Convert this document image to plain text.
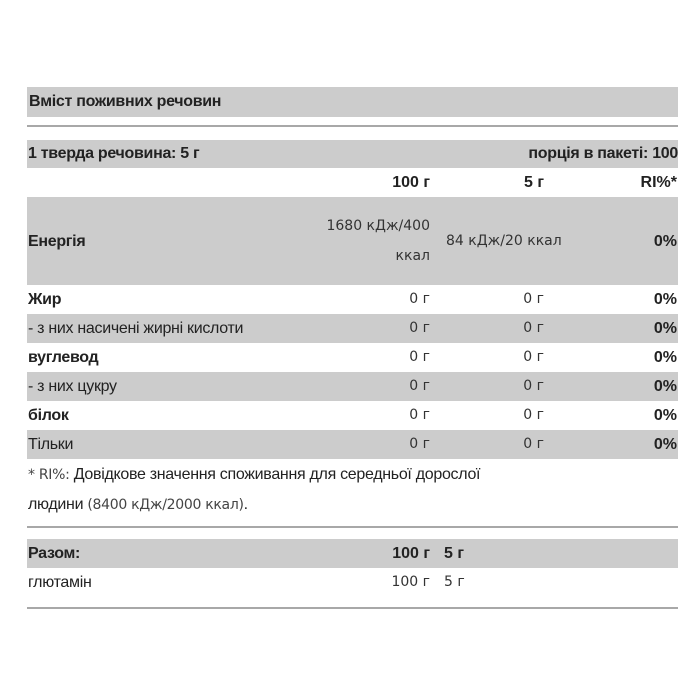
Вміст поживних речовин
1 тверда речовина: 5 г	порція в пакеті: 100
	100 г	5 г	RI%*
Енергія	1680 кДж/400 ккал	84 кДж/20 ккал	0%
Жир	0 г	0 г	0%
- з них насичені жирні кислоти	0 г	0 г	0%
вуглевод	0 г	0 г	0%
- з них цукру	0 г	0 г	0%
білок	0 г	0 г	0%
Тільки	0 г	0 г	0%
* RI%: Довідкове значення споживання для середньої дорослої
людини (8400 кДж/2000 ккал).
Разом:	100 г	5 г	
глютамін	100 г	5 г	
